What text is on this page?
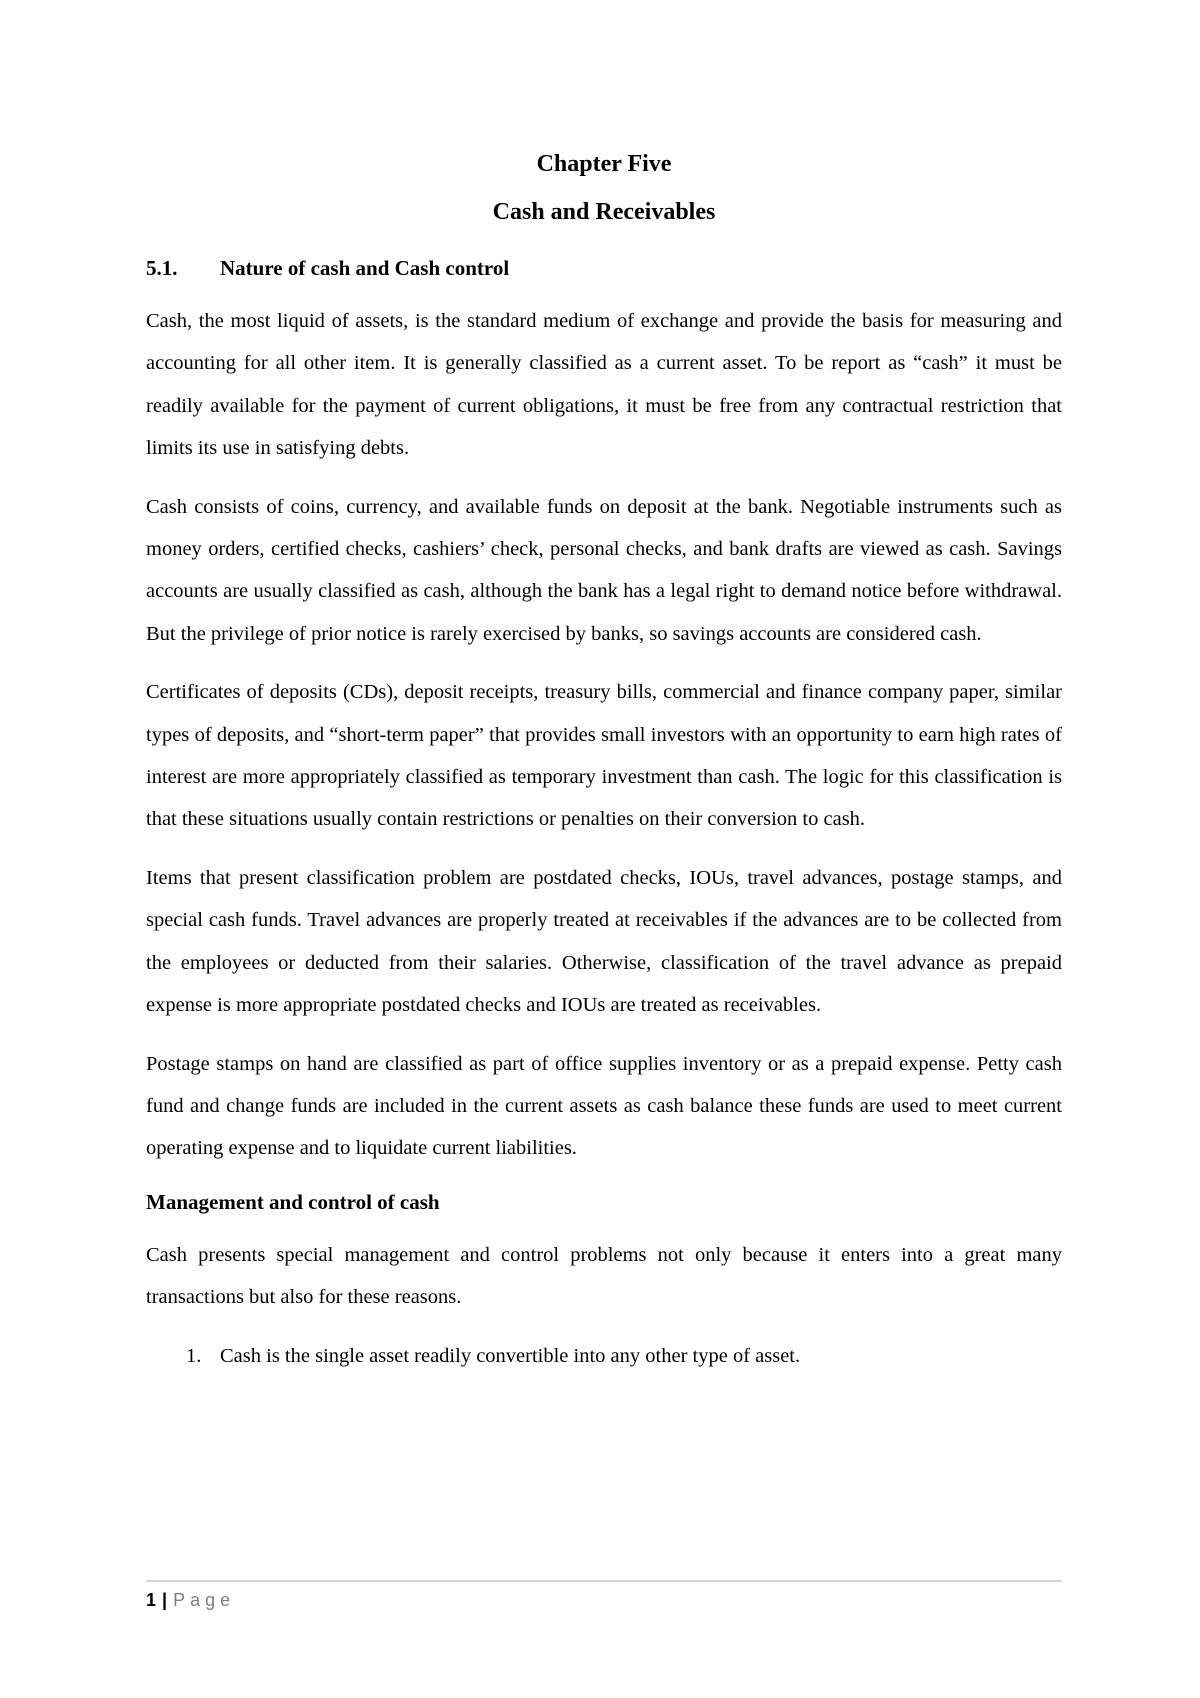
Chapter Five
Cash and Receivables
5.1. Nature of cash and Cash control

Cash, the most liquid of assets, is the standard medium of exchange and provide the basis for measuring and accounting for all other item. It is generally classified as a current asset. To be report as “cash” it must be readily available for the payment of current obligations, it must be free from any contractual restriction that limits its use in satisfying debts.

Cash consists of coins, currency, and available funds on deposit at the bank. Negotiable instruments such as money orders, certified checks, cashiers’ check, personal checks, and bank drafts are viewed as cash. Savings accounts are usually classified as cash, although the bank has a legal right to demand notice before withdrawal. But the privilege of prior notice is rarely exercised by banks, so savings accounts are considered cash.

Certificates of deposits (CDs), deposit receipts, treasury bills, commercial and finance company paper, similar types of deposits, and “short-term paper” that provides small investors with an opportunity to earn high rates of interest are more appropriately classified as temporary investment than cash. The logic for this classification is that these situations usually contain restrictions or penalties on their conversion to cash.

Items that present classification problem are postdated checks, IOUs, travel advances, postage stamps, and special cash funds. Travel advances are properly treated at receivables if the advances are to be collected from the employees or deducted from their salaries. Otherwise, classification of the travel advance as prepaid expense is more appropriate postdated checks and IOUs are treated as receivables.

Postage stamps on hand are classified as part of office supplies inventory or as a prepaid expense. Petty cash fund and change funds are included in the current assets as cash balance these funds are used to meet current operating expense and to liquidate current liabilities.

Management and control of cash

Cash presents special management and control problems not only because it enters into a great many transactions but also for these reasons.

1. Cash is the single asset readily convertible into any other type of asset.
1 | Page
